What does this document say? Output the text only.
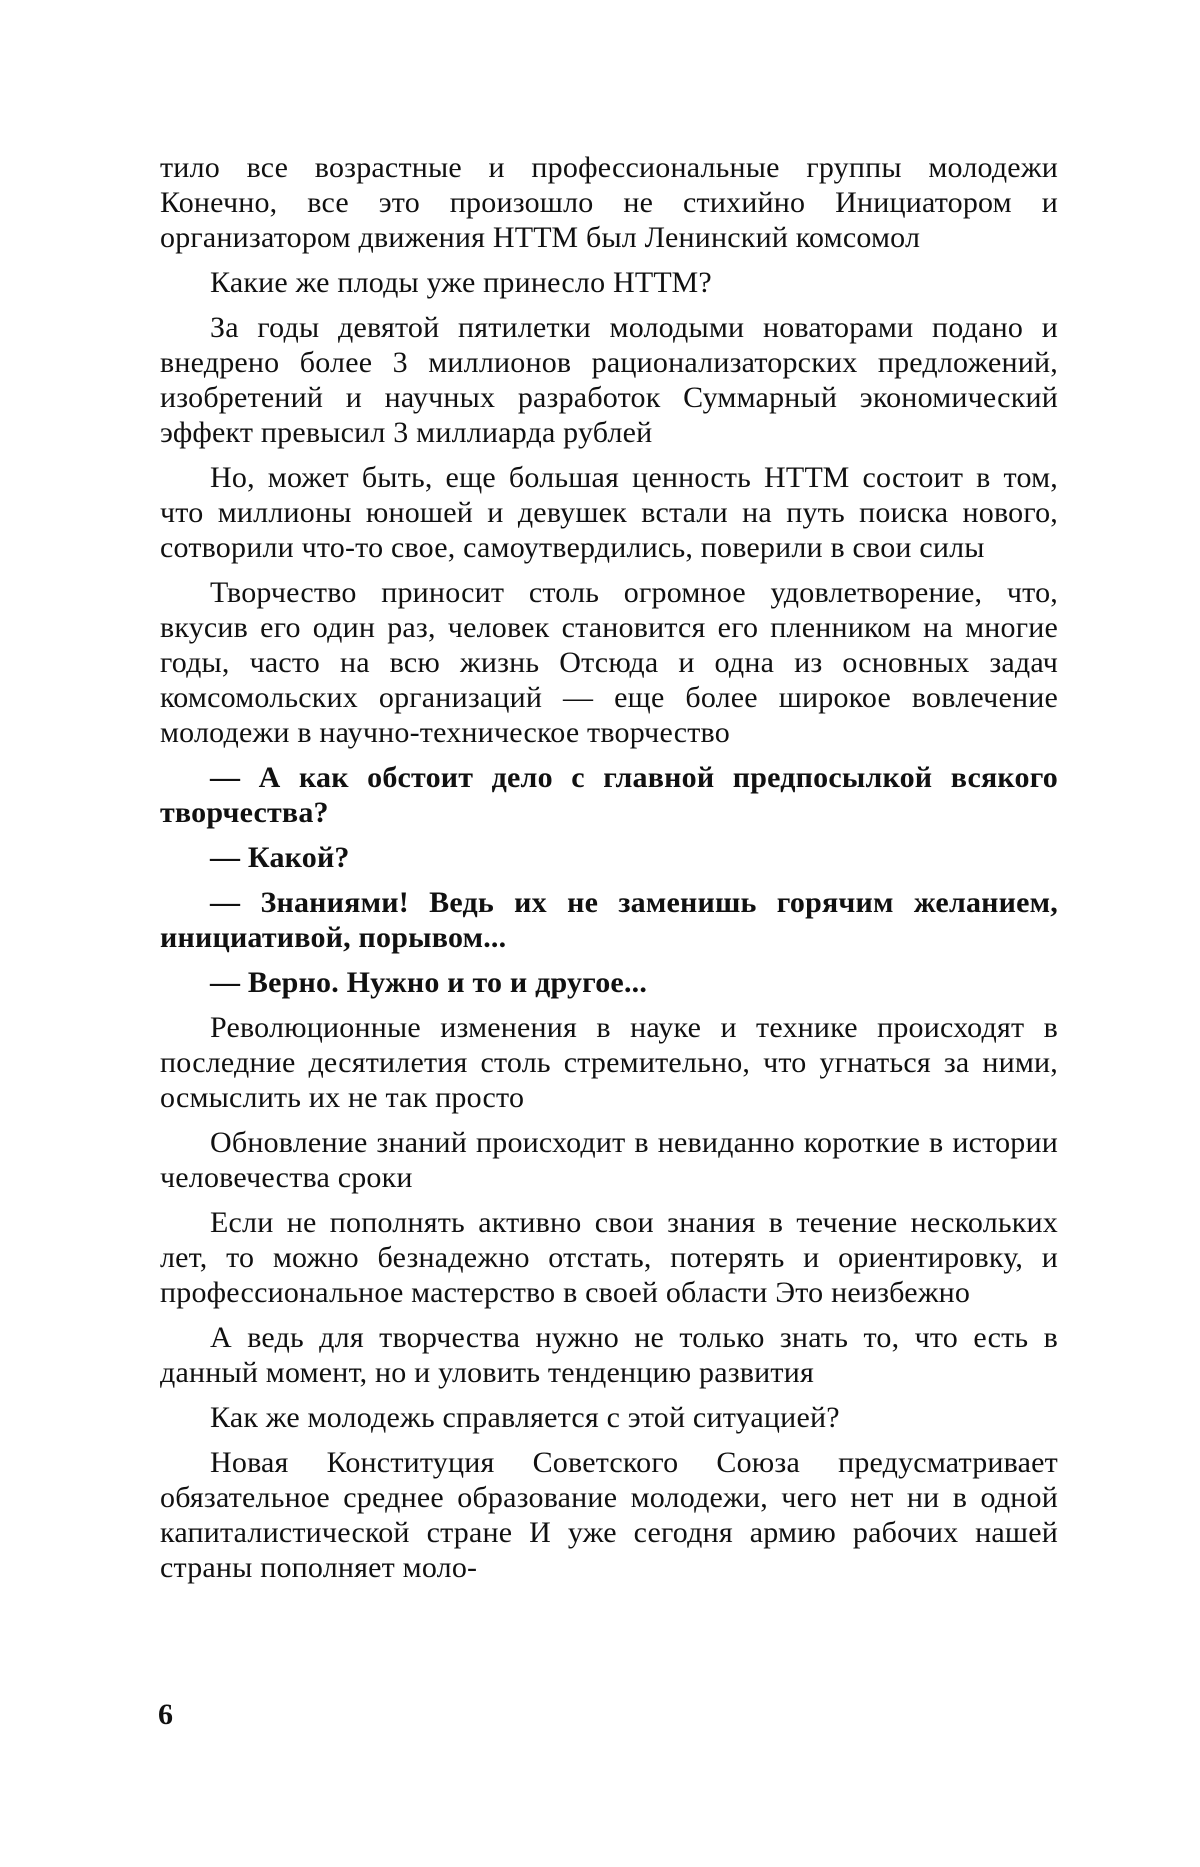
тило все возрастные и профессиональные группы молодежи Конечно, все это произошло не стихийно Инициатором и организатором движения НТТМ был Ленинский комсомол

Какие же плоды уже принесло НТТМ?

За годы девятой пятилетки молодыми новаторами подано и внедрено более 3 миллионов рационализаторских предложений, изобретений и научных разработок Суммарный экономический эффект превысил 3 миллиарда рублей

Но, может быть, еще большая ценность НТТМ состоит в том, что миллионы юношей и девушек встали на путь поиска нового, сотворили что-то свое, самоутвердились, поверили в свои силы

Творчество приносит столь огромное удовлетворение, что, вкусив его один раз, человек становится его пленником на многие годы, часто на всю жизнь Отсюда и одна из основных задач комсомольских организаций — еще более широкое вовлечение молодежи в научно-техническое творчество

— А как обстоит дело с главной предпосылкой всякого творчества?

— Какой?

— Знаниями! Ведь их не заменишь горячим желанием, инициативой, порывом...

— Верно. Нужно и то и другое...

Революционные изменения в науке и технике происходят в последние десятилетия столь стремительно, что угнаться за ними, осмыслить их не так просто

Обновление знаний происходит в невиданно короткие в истории человечества сроки

Если не пополнять активно свои знания в течение нескольких лет, то можно безнадежно отстать, потерять и ориентировку, и профессиональное мастерство в своей области Это неизбежно

А ведь для творчества нужно не только знать то, что есть в данный момент, но и уловить тенденцию развития

Как же молодежь справляется с этой ситуацией?

Новая Конституция Советского Союза предусматривает обязательное среднее образование молодежи, чего нет ни в одной капиталистической стране И уже сегодня армию рабочих нашей страны пополняет моло-

6
